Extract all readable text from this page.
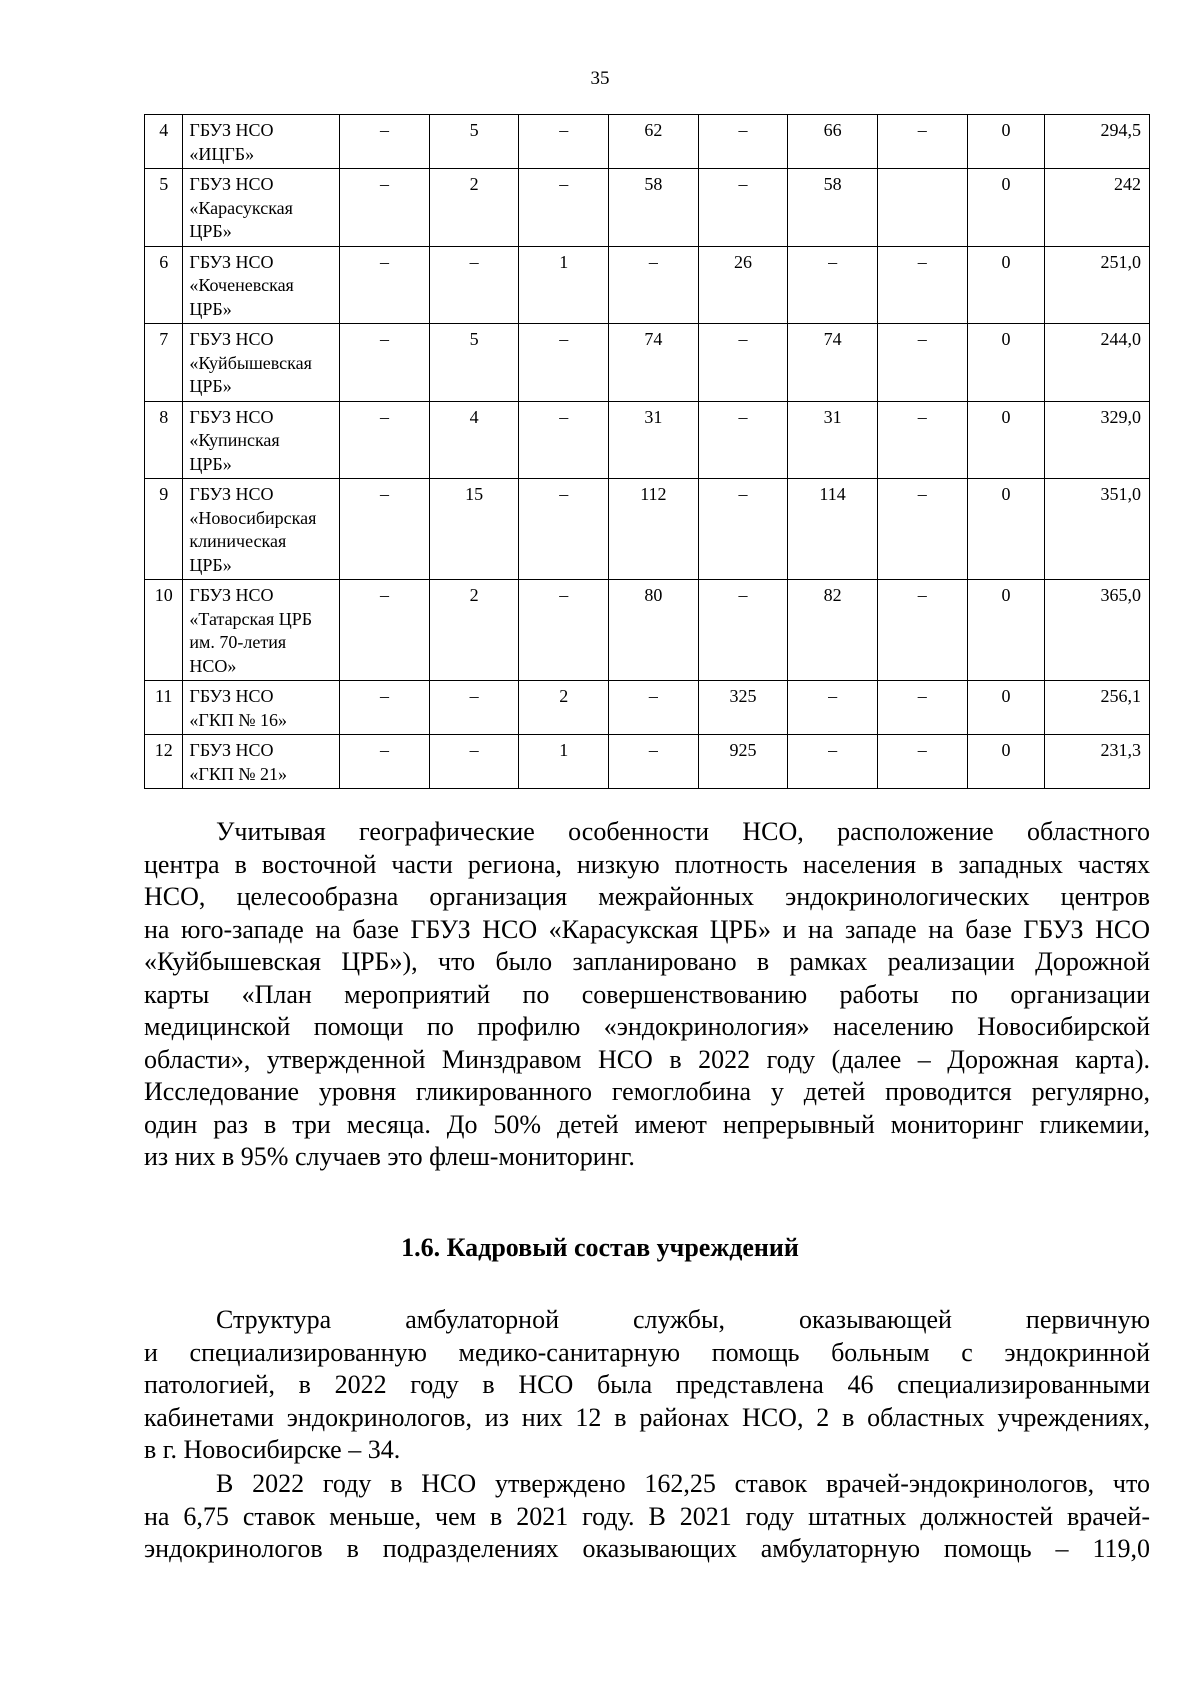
35
4	ГБУЗ НСО
«ИЦГБ»	–	5	–	62	–	66	–	0	294,5
5	ГБУЗ НСО
«Карасукская
ЦРБ»	–	2	–	58	–	58		0	242
6	ГБУЗ НСО
«Коченевская
ЦРБ»	–	–	1	–	26	–	–	0	251,0
7	ГБУЗ НСО
«Куйбышевская
ЦРБ»	–	5	–	74	–	74	–	0	244,0
8	ГБУЗ НСО
«Купинская
ЦРБ»	–	4	–	31	–	31	–	0	329,0
9	ГБУЗ НСО
«Новосибирская
клиническая
ЦРБ»	–	15	–	112	–	114	–	0	351,0
10	ГБУЗ НСО
«Татарская ЦРБ
им. 70-летия
НСО»	–	2	–	80	–	82	–	0	365,0
11	ГБУЗ НСО
«ГКП № 16»	–	–	2	–	325	–	–	0	256,1
12	ГБУЗ НСО
«ГКП № 21»	–	–	1	–	925	–	–	0	231,3
Учитывая географические особенности НСО, расположение областного
центра в восточной части региона, низкую плотность населения в западных частях
НСО, целесообразна организация межрайонных эндокринологических центров
на юго-западе на базе ГБУЗ НСО «Карасукская ЦРБ» и на западе на базе ГБУЗ НСО
«Куйбышевская ЦРБ»), что было запланировано в рамках реализации Дорожной
карты «План мероприятий по совершенствованию работы по организации
медицинской помощи по профилю «эндокринология» населению Новосибирской
области», утвержденной Минздравом НСО в 2022 году (далее – Дорожная карта).
Исследование уровня гликированного гемоглобина у детей проводится регулярно,
один раз в три месяца. До 50% детей имеют непрерывный мониторинг гликемии,
из них в 95% случаев это флеш-мониторинг.
1.6. Кадровый состав учреждений
Структура амбулаторной службы, оказывающей первичную
и специализированную медико-санитарную помощь больным с эндокринной
патологией, в 2022 году в НСО была представлена 46 специализированными
кабинетами эндокринологов, из них 12 в районах НСО, 2 в областных учреждениях,
в г. Новосибирске – 34.
В 2022 году в НСО утверждено 162,25 ставок врачей-эндокринологов, что
на 6,75 ставок меньше, чем в 2021 году. В 2021 году штатных должностей врачей-
эндокринологов в подразделениях оказывающих амбулаторную помощь – 119,0
